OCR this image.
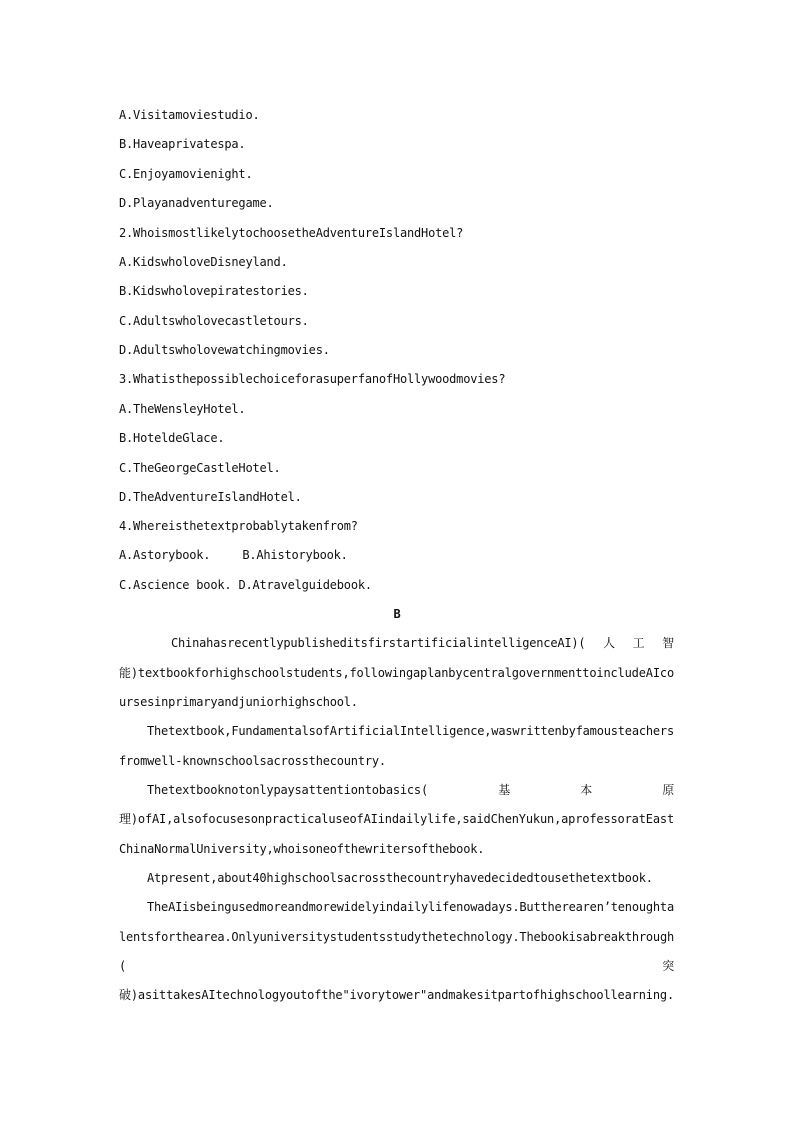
A.Visitamoviestudio.
B.Haveaprivatespa.
C.Enjoyamovienight.
D.Playanadventuregame.
2.WhoismostlikelytochoosetheAdventureIslandHotel?
A.KidswholoveDisneyland.
B.Kidswholovepiratestories.
C.Adultswholovecastletours.
D.Adultswholovewatchingmovies.
3.WhatisthepossiblechoiceforasuperfanofHollywoodmovies?
A.TheWensleyHotel.
B.HoteldeGlace.
C.TheGeorgeCastleHotel.
D.TheAdventureIslandHotel.
4.Whereisthetextprobablytakenfrom?
A.Astorybook.	B.Ahistorybook.
C.Ascience book. D.Atravelguidebook.
B
ChinahasrecentlypublisheditsfirstartificialintelligenceAI)( 人 工 智
能)textbookforhighschoolstudents,followingaplanbycentralgovernmenttoincludeAIco
ursesinprimaryandjuniorhighschool.
Thetextbook,FundamentalsofArtificialIntelligence,waswrittenbyfamousteachers
fromwell-knownschoolsacrossthecountry.
Thetextbooknotonlypaysattentiontobasics(	基	本	原
理)ofAI,alsofocusesonpracticaluseofAIindailylife,saidChenYukun,aprofessoratEast
ChinaNormalUniversity,whoisoneofthewritersofthebook.
Atpresent,about40highschoolsacrossthecountryhavedecidedtousethetextbook.
TheAIisbeingusedmoreandmorewidelyindailylifenowadays.Buttherearen’tenoughta
lentsforthearea.Onlyuniversitystudentsstudythetechnology.Thebookisabreakthrough
(	突
破)asittakesAItechnologyoutofthe"ivorytower"andmakesitpartofhighschoollearning.
